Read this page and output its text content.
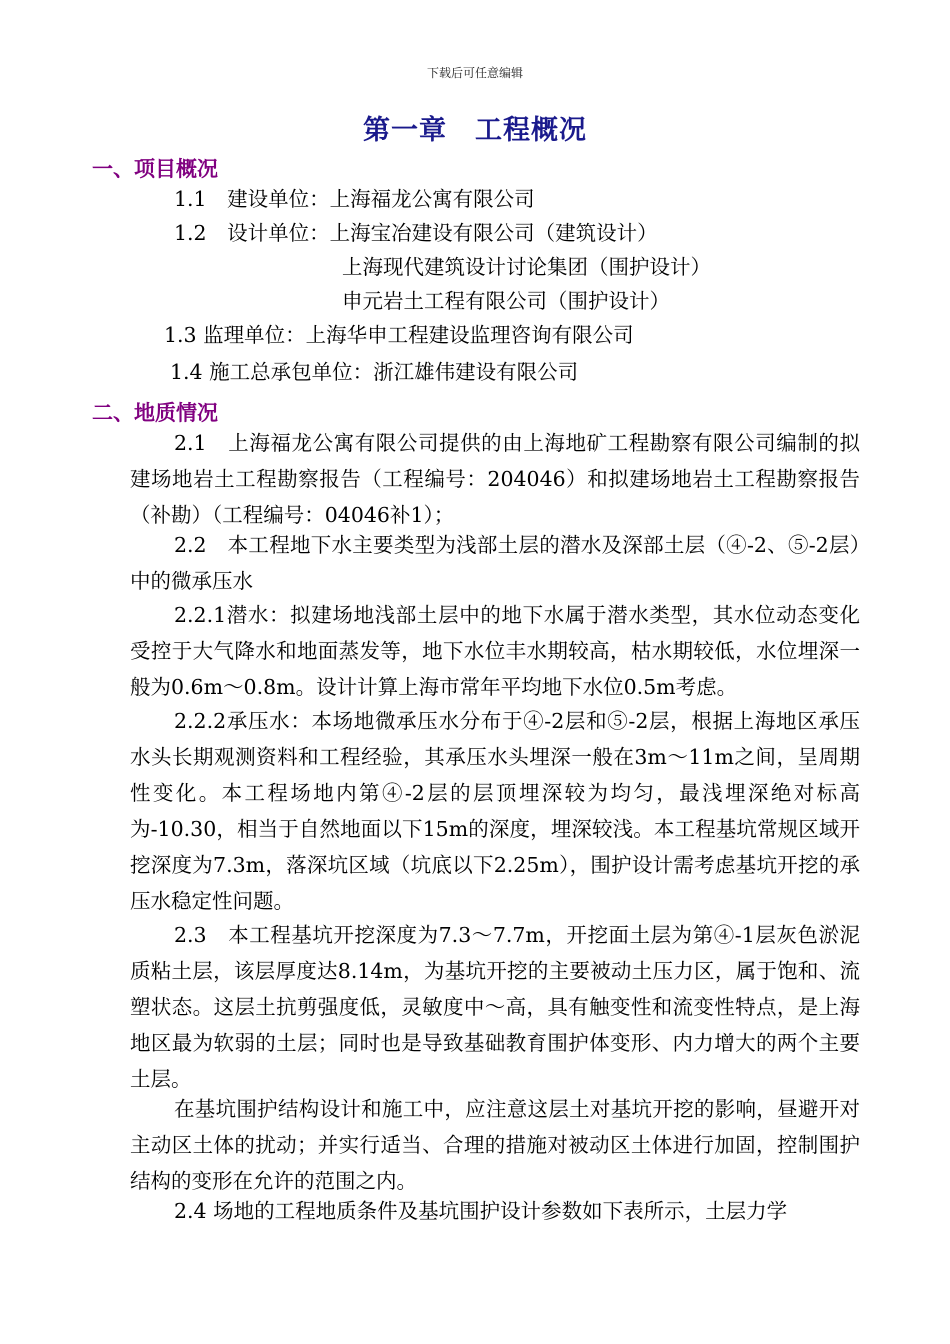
下载后可任意编辑
第一章　工程概况
一、项目概况
1.1　建设单位：上海福龙公寓有限公司
1.2　设计单位：上海宝冶建设有限公司（建筑设计）
上海现代建筑设计讨论集团（围护设计）
申元岩土工程有限公司（围护设计）
1.3 监理单位：上海华申工程建设监理咨询有限公司
1.4 施工总承包单位：浙江雄伟建设有限公司
二、地质情况

2.1　上海福龙公寓有限公司提供的由上海地矿工程勘察有限公司编制的拟建场地岩土工程勘察报告（工程编号：204046）和拟建场地岩土工程勘察报告（补勘）（工程编号：04046补1）；

2.2　本工程地下水主要类型为浅部土层的潜水及深部土层（④-2、⑤-2层）中的微承压水

2.2.1潜水：拟建场地浅部土层中的地下水属于潜水类型，其水位动态变化受控于大气降水和地面蒸发等，地下水位丰水期较高，枯水期较低，水位埋深一般为0.6m～0.8m。设计计算上海市常年平均地下水位0.5m考虑。

2.2.2承压水：本场地微承压水分布于④-2层和⑤-2层，根据上海地区承压水头长期观测资料和工程经验，其承压水头埋深一般在3m～11m之间，呈周期性变化。本工程场地内第④-2层的层顶埋深较为均匀，最浅埋深绝对标高为-10.30，相当于自然地面以下15m的深度，埋深较浅。本工程基坑常规区域开挖深度为7.3m，落深坑区域（坑底以下2.25m），围护设计需考虑基坑开挖的承压水稳定性问题。

2.3　本工程基坑开挖深度为7.3～7.7m，开挖面土层为第④-1层灰色淤泥质粘土层，该层厚度达8.14m，为基坑开挖的主要被动土压力区，属于饱和、流塑状态。这层土抗剪强度低，灵敏度中～高，具有触变性和流变性特点，是上海地区最为软弱的土层；同时也是导致基础教育围护体变形、内力增大的两个主要土层。

在基坑围护结构设计和施工中，应注意这层土对基坑开挖的影响，昼避开对主动区土体的扰动；并实行适当、合理的措施对被动区土体进行加固，控制围护结构的变形在允许的范围之内。

2.4 场地的工程地质条件及基坑围护设计参数如下表所示，土层力学
